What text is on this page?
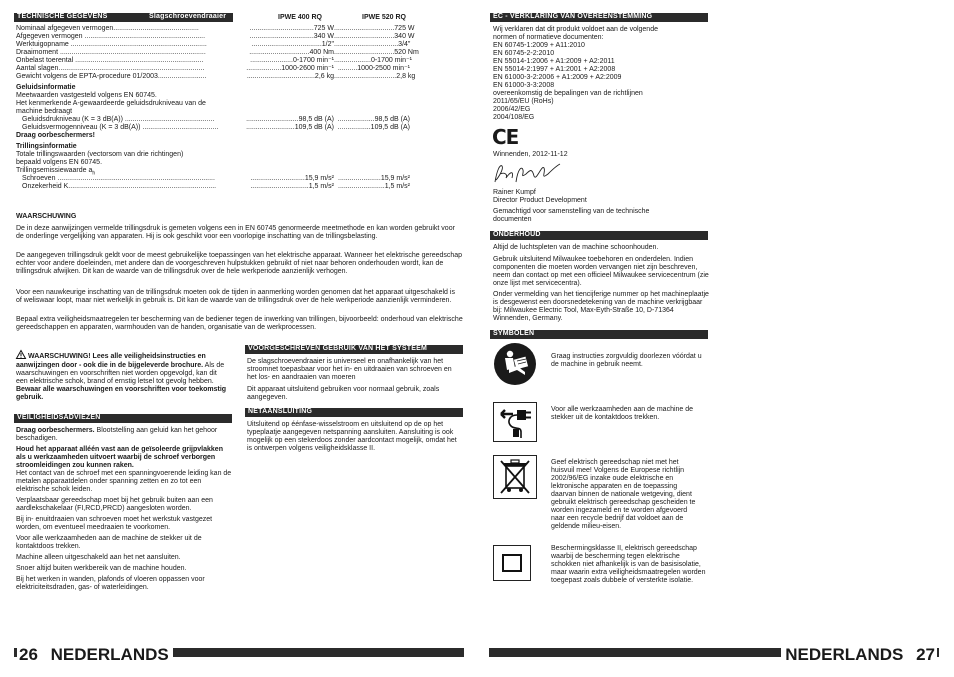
TECHNISCHE GEGEVENS	Slagschroevendraaier	IPWE 400 RQ	IPWE 520 RQ
Nominaal afgegeven vermogen............................................	.................................725 W ...............................725 W
Afgegeven vermogen ..............................................................	.................................340 W ...............................340 W
Werktuigopname ......................................................................	....................................1/2" .................................3/4"
Draaimoment ...........................................................................	...............................400 Nm ...............................520 Nm
Onbelast toerental ..................................................................	......................0-1700 min⁻¹ ...................0-1700 min⁻¹
Aantal slagen...........................................................................	..................1000-2600 min⁻¹ ..........1000-2500 min⁻¹
Gewicht volgens de EPTA-procedure 01/2003.........................	...................................2,6 kg ................................2,8 kg
Geluidsinformatie
Meetwaarden vastgesteld volgens EN 60745.
Het kenmerkende A-gewaardeerde geluidsdrukniveau van de
machine bedraagt
Geluidsdrukniveau (K = 3 dB(A)) ..............................................	...........................98,5 dB (A) ...................98,5 dB (A)
Geluidsvermogenniveau (K = 3 dB(A)) .......................................	.........................109,5 dB (A) .................109,5 dB (A)
Draag oorbeschermers!
Trillingsinformatie
Totale trillingswaarden (vectorsom van drie richtingen)
bepaald volgens EN 60745.
Trillingsemissiewaarde $a_h$
Schroeven .................................................................................	............................15,9 m/s² ......................15,9 m/s²
Onzekerheid K............................................................................	..............................1,5 m/s² ........................1,5 m/s²
WAARSCHUWING
De in deze aanwijzingen vermelde trillingsdruk is gemeten volgens een in EN 60745 genormeerde meetmethode en kan worden gebruikt voor de onderlinge vergelijking van apparaten. Hij is ook geschikt voor een voorlopige inschatting van de trillingsbelasting.
De aangegeven trillingsdruk geldt voor de meest gebruikelijke toepassingen van het elektrische apparaat. Wanneer het elektrische gereedschap echter voor andere doeleinden, met andere dan de voorgeschreven hulpstukken gebruikt of niet naar behoren onderhouden wordt, kan de trillingsdruk afwijken. Dit kan de waarde van de trillingsdruk over de hele werkperiode aanzienlijk verhogen.
Voor een nauwkeurige inschatting van de trillingsdruk moeten ook de tijden in aanmerking worden genomen dat het apparaat uitgeschakeld is of weliswaar loopt, maar niet werkelijk in gebruik is. Dit kan de waarde van de trillingsdruk over de hele werkperiode aanzienlijk verminderen.
Bepaal extra veiligheidsmaatregelen ter bescherming van de bediener tegen de inwerking van trillingen, bijvoorbeeld: onderhoud van elektrische gereedschappen en apparaten, warmhouden van de handen, organisatie van de werkprocessen.
WAARSCHUWING! Lees alle veiligheidsinstructies en aanwijzingen door - ook die in de bijgeleverde brochure. Als de waarschuwingen en voorschriften niet worden opgevolgd, kan dit een elektrische schok, brand of ernstig letsel tot gevolg hebben.
Bewaar alle waarschuwingen en voorschriften voor toekomstig gebruik.
VEILIGHEIDSADVIEZEN
Draag oorbeschermers. Blootstelling aan geluid kan het gehoor beschadigen.
Houd het apparaat alléén vast aan de geïsoleerde grijpvlakken als u werkzaamheden uitvoert waarbij de schroef verborgen stroomleidingen zou kunnen raken.
Het contact van de schroef met een spanningvoerende leiding kan de metalen apparaatdelen onder spanning zetten en zo tot een elektrische schok leiden.
Verplaatsbaar gereedschap moet bij het gebruik buiten aan een aardlekschakelaar (FI,RCD,PRCD) aangesloten worden.
Bij in- enuitdraaien van schroeven moet het werkstuk vastgezet worden, om eventueel meedraaien te voorkomen.
Voor alle werkzaamheden aan de machine de stekker uit de kontaktdoos trekken.
Machine alleen uitgeschakeld aan het net aansluiten.
Snoer altijd buiten werkbereik van de machine houden.
Bij het werken in wanden, plafonds of vloeren oppassen voor elektriciteitsdraden, gas- of waterleidingen.
VOORGESCHREVEN GEBRUIK VAN HET SYSTEEM
De slagschroevendraaier is universeel en onafhankelijk van het stroomnet toepasbaar voor het in- en uitdraaien van schroeven en het los- en aandraaien van moeren
Dit apparaat uitsluitend gebruiken voor normaal gebruik, zoals aangegeven.
NETAANSLUITING
Uitsluitend op éénfase-wisselstroom en uitsluitend op de op het typeplaatje aangegeven netspanning aansluiten. Aansluiting is ook mogelijk op een stekerdoos zonder aardcontact mogelijk, omdat het is ontwerpen volgens veiligheidsklasse II.
26 NEDERLANDS
EC - VERKLARING VAN OVEREENSTEMMING
Wij verklaren dat dit produkt voldoet aan de volgende
normen of normatieve documenten:
EN 60745-1:2009 + A11:2010
EN 60745-2-2:2010
EN 55014-1:2006 + A1:2009 + A2:2011
EN 55014-2:1997 + A1:2001 + A2:2008
EN 61000-3-2:2006 + A1:2009 + A2:2009
EN 61000-3-3:2008
overeenkomstig de bepalingen van de richtlijnen
2011/65/EU (RoHs)
2006/42/EG
2004/108/EG
CE
Winnenden, 2012-11-12
Rainer Kumpf
Director Product Development
Gemachtigd voor samenstelling van de technische documenten
ONDERHOUD
Altijd de luchtspleten van de machine schoonhouden.
Gebruik uitsluitend Milwaukee toebehoren en onderdelen. Indien componenten die moeten worden vervangen niet zijn beschreven, neem dan contact op met een officieel Milwaukee servicecentrum (zie onze lijst met servicecentra).
Onder vermelding van het tienciјferige nummer op het machineplaatje is desgewenst een doorsnedetekening van de machine verkrijgbaar bij: Milwaukee Electric Tool, Max-Eyth-Straße 10, D-71364 Winnenden, Germany.
SYMBOLEN
Graag instructies zorgvuldig doorlezen vóórdat u de machine in gebruik neemt.
Voor alle werkzaamheden aan de machine de stekker uit de kontaktdoos trekken.
Geef elektrisch gereedschap niet met het huisvuil mee! Volgens de Europese richtlijn 2002/96/EG inzake oude elektrische en lektronische apparaten en de toepassing daarvan binnen de nationale wetgeving, dient gebruikt elektrisch gereedschap gescheiden te worden ingezameld en te worden afgevoerd naar een recycle bedrijf dat voldoet aan de geldende milieu-eisen.
Beschermingsklasse II, elektrisch gereedschap waarbij de bescherming tegen elektrische schokken niet afhankelijk is van de basisisolatie, maar waarin extra veiligheidsmaatregelen worden toegepast zoals dubbele of versterkte isolatie.
NEDERLANDS 27
